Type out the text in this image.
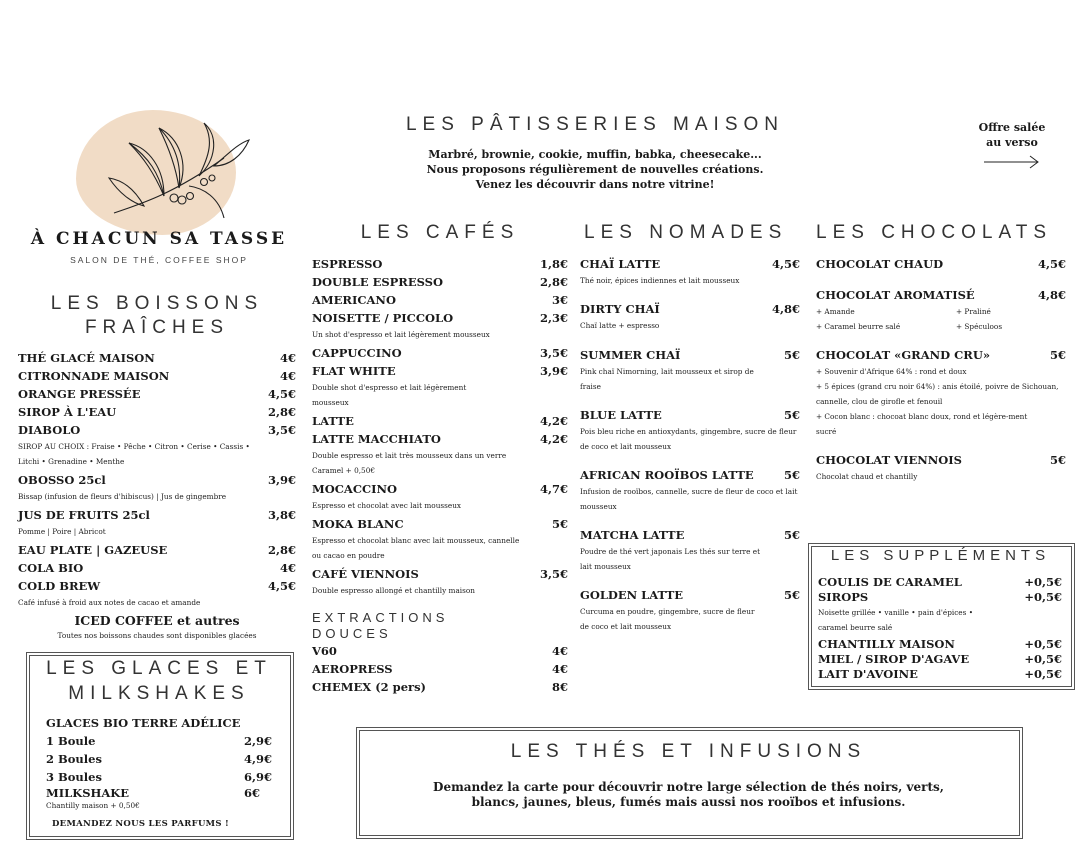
À CHACUN SA TASSE
SALON DE THÉ, COFFEE SHOP
LES PÂTISSERIES MAISON
Marbré, brownie, cookie, muffin, babka, cheesecake...
Nous proposons régulièrement de nouvelles créations.
Venez les découvrir dans notre vitrine!
Offre salée
au verso
LES BOISSONS
FRAÎCHES
THÉ GLACÉ MAISON	4€
CITRONNADE MAISON	4€
ORANGE PRESSÉE	4,5€
SIROP À L'EAU	2,8€
DIABOLO	3,5€
SIROP AU CHOIX : Fraise • Pêche • Citron • Cerise • Cassis • Litchi • Grenadine • Menthe
OBOSSO 25cl	3,9€
Bissap (infusion de fleurs d'hibiscus) | Jus de gingembre
JUS DE FRUITS 25cl	3,8€
Pomme | Poire | Abricot
EAU PLATE | GAZEUSE	2,8€
COLA BIO	4€
COLD BREW	4,5€
Café infusé à froid aux notes de cacao et amande
ICED COFFEE et autres
Toutes nos boissons chaudes sont disponibles glacées
LES GLACES ET
MILKSHAKES
GLACES BIO TERRE ADÉLICE
1 Boule	2,9€
2 Boules	4,9€
3 Boules	6,9€
MILKSHAKE	6€
Chantilly maison + 0,50€
DEMANDEZ NOUS LES PARFUMS !
LES CAFÉS
ESPRESSO	1,8€
DOUBLE ESPRESSO	2,8€
AMERICANO	3€
NOISETTE / PICCOLO	2,3€
Un shot d'espresso et lait légèrement mousseux
CAPPUCCINO	3,5€
FLAT WHITE	3,9€
Double shot d'espresso et lait légèrement mousseux
LATTE	4,2€
LATTE MACCHIATO	4,2€
Double espresso et lait très mousseux dans un verre Caramel + 0,50€
MOCACCINO	4,7€
Espresso et chocolat avec lait mousseux
MOKA BLANC	5€
Espresso et chocolat blanc avec lait mousseux, cannelle ou cacao en poudre
CAFÉ VIENNOIS	3,5€
Double espresso allongé et chantilly maison
EXTRACTIONS
DOUCES
V60	4€
AEROPRESS	4€
CHEMEX (2 pers)	8€
LES NOMADES
CHAÏ LATTE	4,5€
Thé noir, épices indiennes et lait mousseux
DIRTY CHAÏ	4,8€
Chaï latte + espresso
SUMMER CHAÏ	5€
Pink chaï Nimorning, lait mousseux et sirop de fraise
BLUE LATTE	5€
Pois bleu riche en antioxydants, gingembre, sucre de fleur de coco et lait mousseux
AFRICAN ROOÏBOS LATTE	5€
Infusion de rooïbos, cannelle, sucre de fleur de coco et lait mousseux
MATCHA LATTE	5€
Poudre de thé vert japonais Les thés sur terre et lait mousseux
GOLDEN LATTE	5€
Curcuma en poudre, gingembre, sucre de fleur de coco et lait mousseux
LES CHOCOLATS
CHOCOLAT CHAUD	4,5€
CHOCOLAT AROMATISÉ	4,8€
+ Amande	+ Praliné
+ Caramel beurre salé	+ Spéculoos
CHOCOLAT «GRAND CRU»	5€
+ Souvenir d'Afrique 64% : rond et doux
+ 5 épices (grand cru noir 64%) : anis étoilé, poivre de Sichouan, cannelle, clou de girofle et fenouil
+ Cocon blanc : chocoat blanc doux, rond et légère-ment sucré
CHOCOLAT VIENNOIS	5€
Chocolat chaud et chantilly
LES SUPPLÉMENTS
COULIS DE CARAMEL	+0,5€
SIROPS	+0,5€
Noisette grillée • vanille • pain d'épices • caramel beurre salé
CHANTILLY MAISON	+0,5€
MIEL / SIROP D'AGAVE	+0,5€
LAIT D'AVOINE	+0,5€
LES THÉS ET INFUSIONS
Demandez la carte pour découvrir notre large sélection de thés noirs, verts,
blancs, jaunes, bleus, fumés mais aussi nos rooïbos et infusions.
